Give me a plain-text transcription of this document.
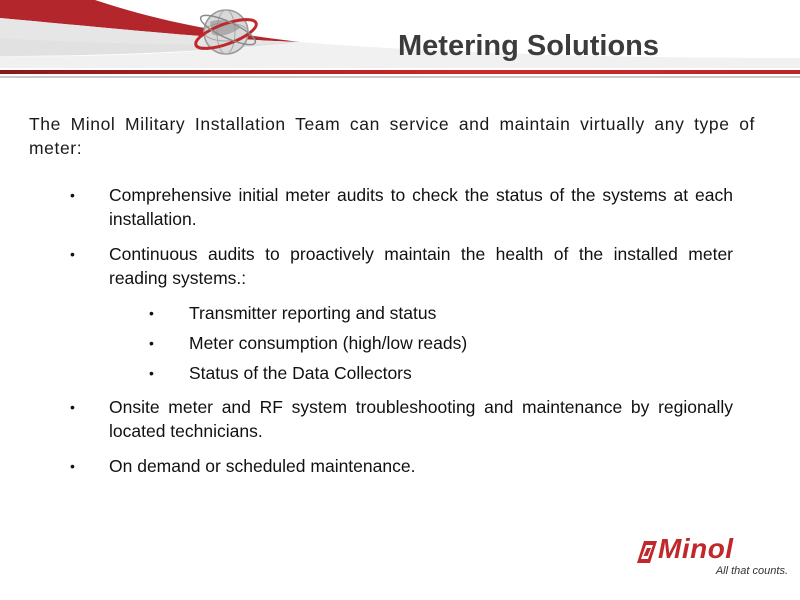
Metering Solutions
The Minol Military Installation Team can service and maintain virtually any type of meter:
• Comprehensive initial meter audits to check the status of the systems at each installation.
• Continuous audits to proactively maintain the health of the installed meter reading systems.:
• Transmitter reporting and status
• Meter consumption (high/low reads)
• Status of the Data Collectors
• Onsite meter and RF system troubleshooting and maintenance by regionally located technicians.
• On demand or scheduled maintenance.
Minol
All that counts.
